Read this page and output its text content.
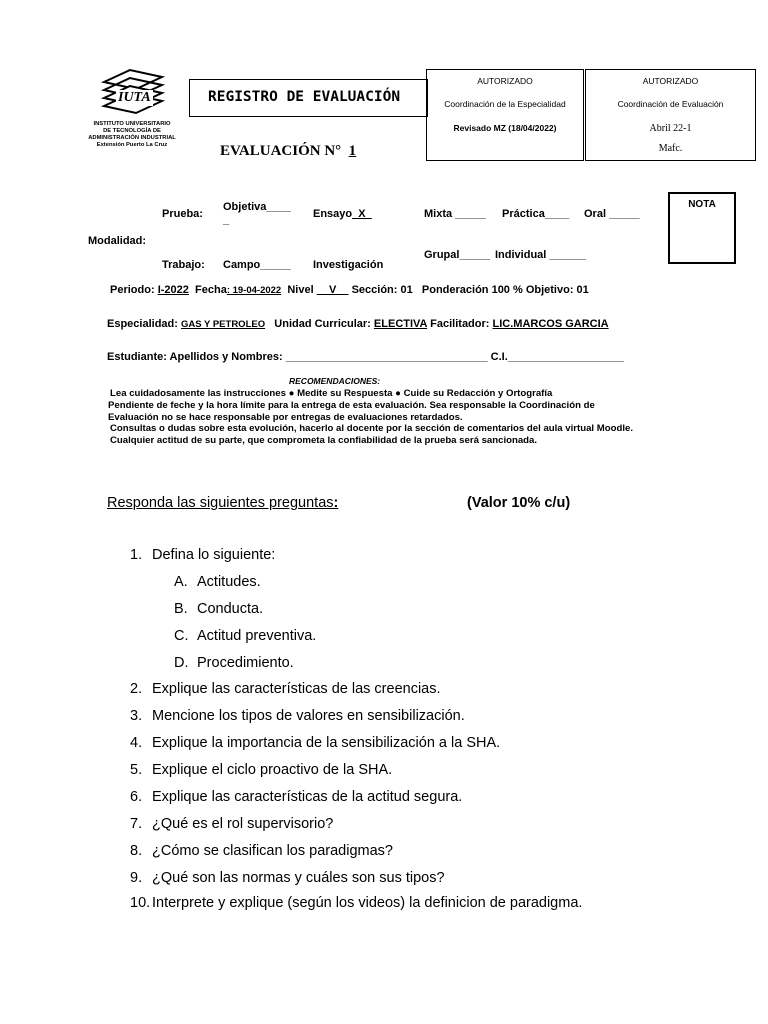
IUTA
INSTITUTO UNIVERSITARIO
DE TECNOLOGÍA DE
ADMINISTRACIÓN INDUSTRIAL
Extensión Puerto La Cruz
REGISTRO DE EVALUACIÓN
EVALUACIÓN N° 1
AUTORIZADO
Coordinación de la Especialidad
Revisado MZ (18/04/2022)
AUTORIZADO
Coordinación de Evaluación
Abril 22-1
Mafc.
Prueba:
Objetiva____
_	Ensayo_X_	Mixta _____ Práctica____ Oral _____
Modalidad:
Trabajo: Campo_____ Investigación
Grupal_____ Individual ______
NOTA
Periodo: I-2022 Fecha: 19-04-2022 Nivel __V__ Sección: 01 Ponderación 100 % Objetivo: 01
Especialidad: GAS Y PETROLEO Unidad Curricular: ELECTIVA Facilitador: LIC.MARCOS GARCIA
Estudiante: Apellidos y Nombres: _________________________________ C.I.___________________
RECOMENDACIONES:
Lea cuidadosamente las instrucciones ● Medite su Respuesta ● Cuide su Redacción y Ortografía
Pendiente de feche y la hora límite para la entrega de esta evaluación. Sea responsable la Coordinación de
Evaluación no se hace responsable por entregas de evaluaciones retardados.
Consultas o dudas sobre esta evolución, hacerlo al docente por la sección de comentarios del aula virtual Moodle.
Cualquier actitud de su parte, que comprometa la confiabilidad de la prueba será sancionada.
Responda las siguientes preguntas:	(Valor 10% c/u)
1. Defina lo siguiente:
A. Actitudes.
B. Conducta.
C. Actitud preventiva.
D. Procedimiento.
2. Explique las características de las creencias.
3. Mencione los tipos de valores en sensibilización.
4. Explique la importancia de la sensibilización a la SHA.
5. Explique el ciclo proactivo de la SHA.
6. Explique las características de la actitud segura.
7. ¿Qué es el rol supervisorio?
8. ¿Cómo se clasifican los paradigmas?
9. ¿Qué son las normas y cuáles son sus tipos?
10. Interprete y explique (según los videos) la definicion de paradigma.
